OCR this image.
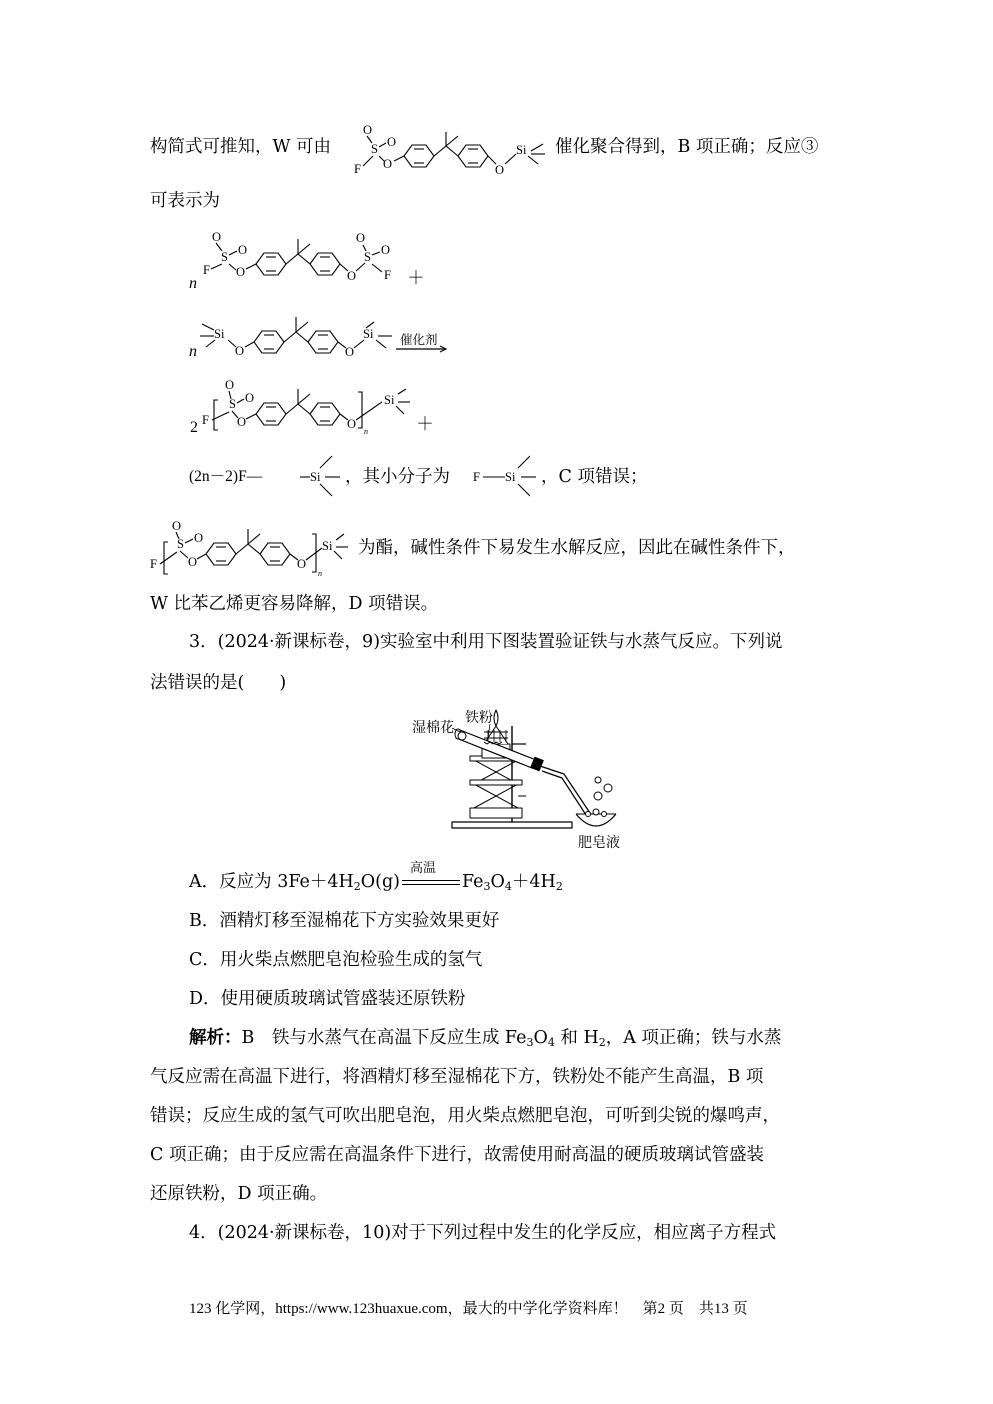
构简式可推知，W 可由
O
S O
F O	O
Si 催化聚合得到，B 项正确；反应③
可表示为
n
O
S O
F O	O
S
O
O
F ＋
n
Si
O	O
Si 催化剂
2 F
O
S O
O	O
n
Si
＋
(2n－2)F—	Si ，其小分子为 F Si ，C 项错误；
F
O
S O
O	O
n
Si 为酯，碱性条件下易发生水解反应，因此在碱性条件下，
W 比苯乙烯更容易降解，D 项错误。
3．(2024·新课标卷，9)实验室中利用下图装置验证铁与水蒸气反应。下列说
法错误的是(　　)
湿棉花
铁粉
肥皂液
A．反应为 $3Fe+4H_2O(g)$
高温
$Fe_3O_4+4H_2$
B．酒精灯移至湿棉花下方实验效果更好
C．用火柴点燃肥皂泡检验生成的氢气
D．使用硬质玻璃试管盛装还原铁粉
解析：B　铁与水蒸气在高温下反应生成 $Fe_3O_4$ 和 $H_2$，A 项正确；铁与水蒸
气反应需在高温下进行，将酒精灯移至湿棉花下方，铁粉处不能产生高温，B 项
错误；反应生成的氢气可吹出肥皂泡，用火柴点燃肥皂泡，可听到尖锐的爆鸣声，
C 项正确；由于反应需在高温条件下进行，故需使用耐高温的硬质玻璃试管盛装
还原铁粉，D 项正确。
4．(2024·新课标卷，10)对于下列过程中发生的化学反应，相应离子方程式
123 化学网，https://www.123huaxue.com，最大的中学化学资料库！　第2 页　共13 页
